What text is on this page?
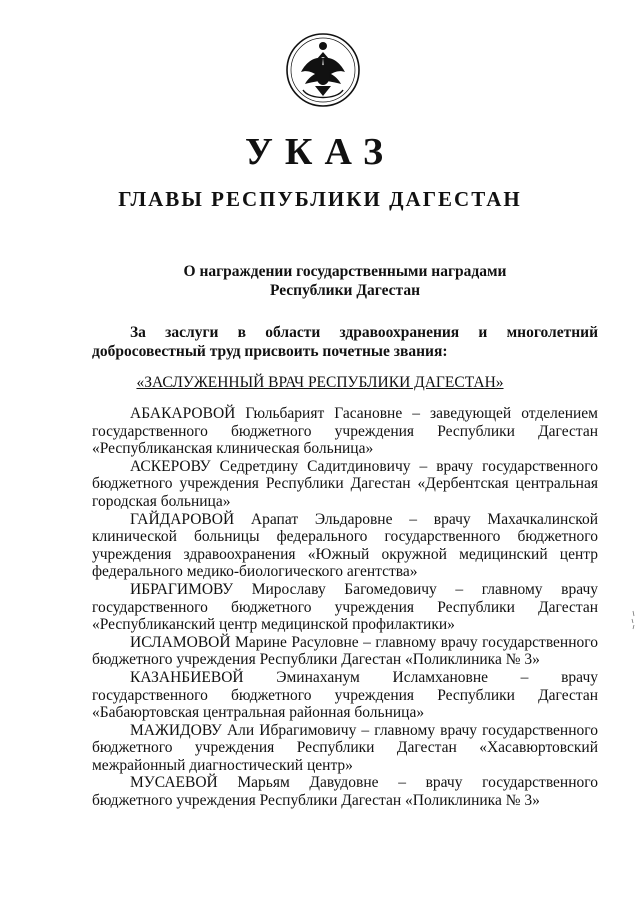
УКАЗ
ГЛАВЫ РЕСПУБЛИКИ ДАГЕСТАН
О награждении государственными наградами
Республики Дагестан
За заслуги в области здравоохранения и многолетний добросовестный труд присвоить почетные звания:
«ЗАСЛУЖЕННЫЙ ВРАЧ РЕСПУБЛИКИ ДАГЕСТАН»

АБАКАРОВОЙ Гюльбарият Гасановне – заведующей отделением государственного бюджетного учреждения Республики Дагестан «Республиканская клиническая больница»

АСКЕРОВУ Седретдину Садитдиновичу – врачу государственного бюджетного учреждения Республики Дагестан «Дербентская центральная городская больница»

ГАЙДАРОВОЙ Арапат Эльдаровне – врачу Махачкалинской клинической больницы федерального государственного бюджетного учреждения здравоохранения «Южный окружной медицинский центр федерального медико-биологического агентства»

ИБРАГИМОВУ Мирославу Багомедовичу – главному врачу государственного бюджетного учреждения Республики Дагестан «Республиканский центр медицинской профилактики»

ИСЛАМОВОЙ Марине Расуловне – главному врачу государственного бюджетного учреждения Республики Дагестан «Поликлиника № 3»

КАЗАНБИЕВОЙ Эминаханум Исламхановне – врачу государственного бюджетного учреждения Республики Дагестан «Бабаюртовская центральная районная больница»

МАЖИДОВУ Али Ибрагимовичу – главному врачу государственного бюджетного учреждения Республики Дагестан «Хасавюртовский межрайонный диагностический центр»

МУСАЕВОЙ Марьям Давудовне – врачу государственного бюджетного учреждения Республики Дагестан «Поликлиника № 3»
